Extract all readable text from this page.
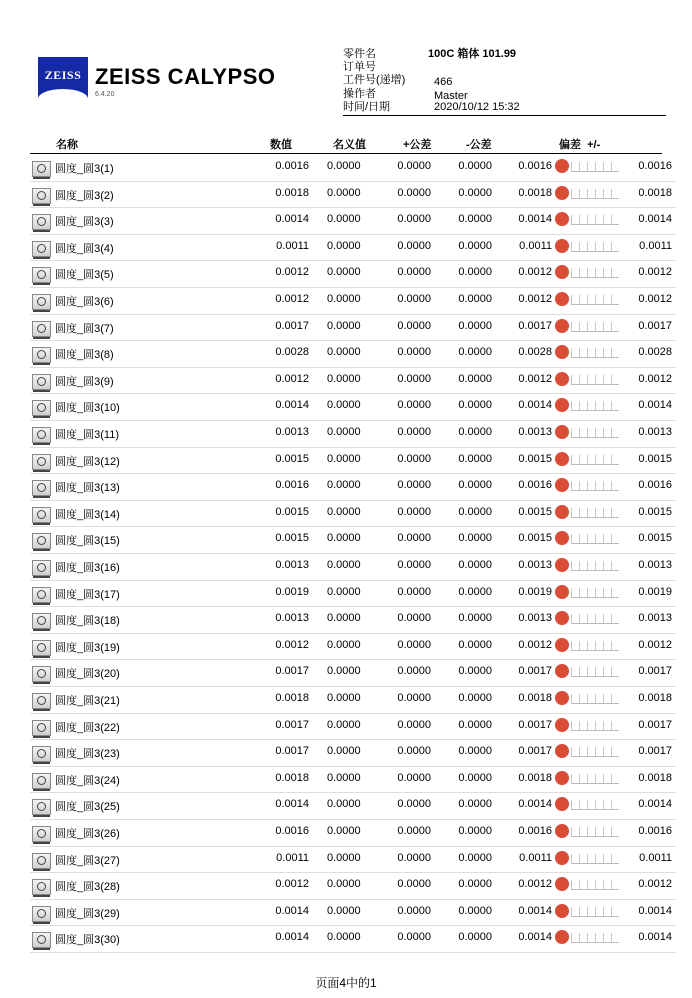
ZEISS ZEISS CALYPSO
6.4.20
零件名	100C 箱体 101.99
订单号
工件号(递增)	466
操作者	Master
时间/日期	2020/10/12 15:32
名称	数值	名义值	+公差	-公差	偏差  +/-
圆度_圆3(1)	0.0016 0.0000	0.0000	0.0000	0.0016	0.0016
圆度_圆3(2)	0.0018 0.0000	0.0000	0.0000	0.0018	0.0018
圆度_圆3(3)	0.0014 0.0000	0.0000	0.0000	0.0014	0.0014
圆度_圆3(4)	0.0011 0.0000	0.0000	0.0000	0.0011	0.0011
圆度_圆3(5)	0.0012 0.0000	0.0000	0.0000	0.0012	0.0012
圆度_圆3(6)	0.0012 0.0000	0.0000	0.0000	0.0012	0.0012
圆度_圆3(7)	0.0017 0.0000	0.0000	0.0000	0.0017	0.0017
圆度_圆3(8)	0.0028 0.0000	0.0000	0.0000	0.0028	0.0028
圆度_圆3(9)	0.0012 0.0000	0.0000	0.0000	0.0012	0.0012
圆度_圆3(10)	0.0014 0.0000	0.0000	0.0000	0.0014	0.0014
圆度_圆3(11)	0.0013 0.0000	0.0000	0.0000	0.0013	0.0013
圆度_圆3(12)	0.0015 0.0000	0.0000	0.0000	0.0015	0.0015
圆度_圆3(13)	0.0016 0.0000	0.0000	0.0000	0.0016	0.0016
圆度_圆3(14)	0.0015 0.0000	0.0000	0.0000	0.0015	0.0015
圆度_圆3(15)	0.0015 0.0000	0.0000	0.0000	0.0015	0.0015
圆度_圆3(16)	0.0013 0.0000	0.0000	0.0000	0.0013	0.0013
圆度_圆3(17)	0.0019 0.0000	0.0000	0.0000	0.0019	0.0019
圆度_圆3(18)	0.0013 0.0000	0.0000	0.0000	0.0013	0.0013
圆度_圆3(19)	0.0012 0.0000	0.0000	0.0000	0.0012	0.0012
圆度_圆3(20)	0.0017 0.0000	0.0000	0.0000	0.0017	0.0017
圆度_圆3(21)	0.0018 0.0000	0.0000	0.0000	0.0018	0.0018
圆度_圆3(22)	0.0017 0.0000	0.0000	0.0000	0.0017	0.0017
圆度_圆3(23)	0.0017 0.0000	0.0000	0.0000	0.0017	0.0017
圆度_圆3(24)	0.0018 0.0000	0.0000	0.0000	0.0018	0.0018
圆度_圆3(25)	0.0014 0.0000	0.0000	0.0000	0.0014	0.0014
圆度_圆3(26)	0.0016 0.0000	0.0000	0.0000	0.0016	0.0016
圆度_圆3(27)	0.0011 0.0000	0.0000	0.0000	0.0011	0.0011
圆度_圆3(28)	0.0012 0.0000	0.0000	0.0000	0.0012	0.0012
圆度_圆3(29)	0.0014 0.0000	0.0000	0.0000	0.0014	0.0014
圆度_圆3(30)	0.0014 0.0000	0.0000	0.0000	0.0014	0.0014
页面4中的1
